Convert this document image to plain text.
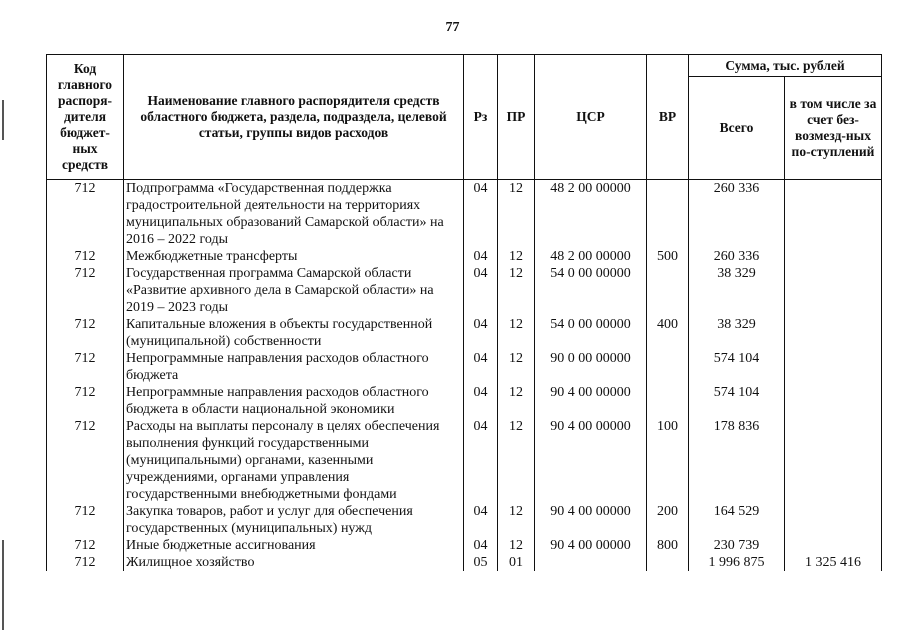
77
Код главного распоря-дителя бюджет-ных средств	Наименование главного распорядителя средств областного бюджета, раздела, подраздела, целевой статьи, группы видов расходов	Рз	ПР	ЦСР	ВР	Сумма, тыс. рублей	
						Всего	в том числе за счет без-возмезд-ных по-ступлений
712	Подпрограмма «Государственная поддержка градостроительной деятельности на территориях муниципальных образований Самарской области» на 2016 – 2022 годы	04	12	48 2 00 00000		260 336	
712	Межбюджетные трансферты	04	12	48 2 00 00000	500	260 336	
712	Государственная программа Самарской области «Развитие архивного дела в Самарской области» на 2019 – 2023 годы	04	12	54 0 00 00000		38 329	
712	Капитальные вложения в объекты государственной (муниципальной) собственности	04	12	54 0 00 00000	400	38 329	
712	Непрограммные направления расходов областного бюджета	04	12	90 0 00 00000		574 104	
712	Непрограммные направления расходов областного бюджета в области национальной экономики	04	12	90 4 00 00000		574 104	
712	Расходы на выплаты персоналу в целях обеспечения выполнения функций государственными (муниципальными) органами, казенными учреждениями, органами управления государственными внебюджетными фондами	04	12	90 4 00 00000	100	178 836	
712	Закупка товаров, работ и услуг для обеспечения государственных (муниципальных) нужд	04	12	90 4 00 00000	200	164 529	
712	Иные бюджетные ассигнования	04	12	90 4 00 00000	800	230 739	
712	Жилищное хозяйство	05	01			1 996 875	1 325 416
